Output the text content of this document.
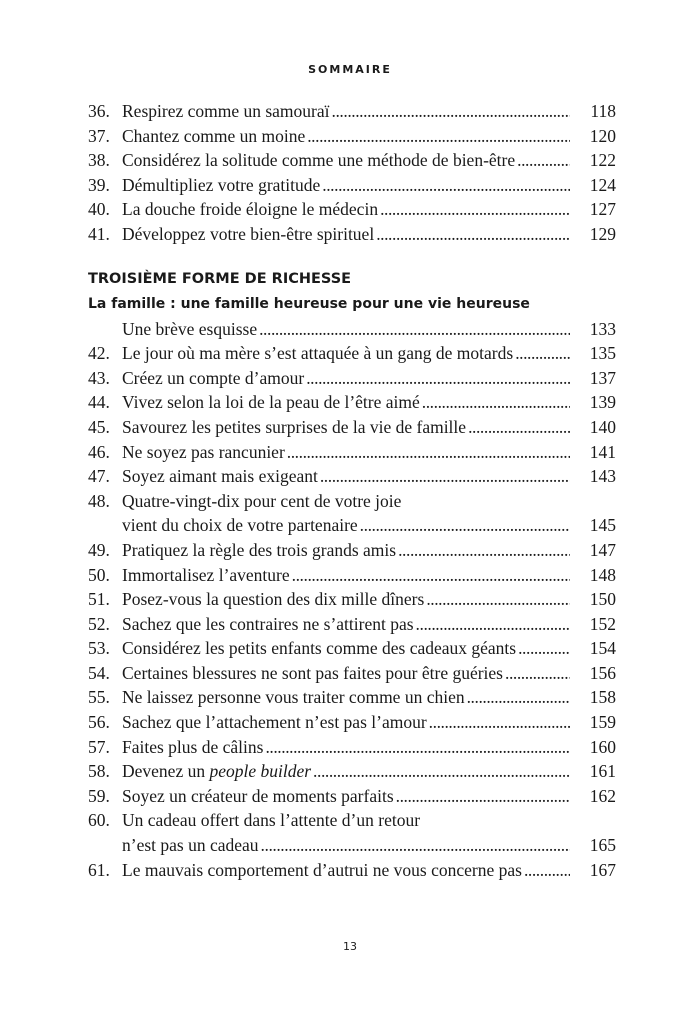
SOMMAIRE
36. Respirez comme un samouraï . . .	118
37. Chantez comme un moine . . .	120
38. Considérez la solitude comme une méthode de bien-être . . .	122
39. Démultipliez votre gratitude . . .	124
40. La douche froide éloigne le médecin . . .	127
41. Développez votre bien-être spirituel . . .	129
TROISIÈME FORME DE RICHESSE
La famille : une famille heureuse pour une vie heureuse
Une brève esquisse . . .	133
42. Le jour où ma mère s’est attaquée à un gang de motards . . .	135
43. Créez un compte d’amour . . .	137
44. Vivez selon la loi de la peau de l’être aimé . . .	139
45. Savourez les petites surprises de la vie de famille . . .	140
46. Ne soyez pas rancunier . . .	141
47. Soyez aimant mais exigeant . . .	143
48. Quatre-vingt-dix pour cent de votre joie
vient du choix de votre partenaire . . .	145
49. Pratiquez la règle des trois grands amis . . .	147
50. Immortalisez l’aventure . . .	148
51. Posez-vous la question des dix mille dîners . . .	150
52. Sachez que les contraires ne s’attirent pas . . .	152
53. Considérez les petits enfants comme des cadeaux géants . . .	154
54. Certaines blessures ne sont pas faites pour être guéries . . .	156
55. Ne laissez personne vous traiter comme un chien . . .	158
56. Sachez que l’attachement n’est pas l’amour . . .	159
57. Faites plus de câlins . . .	160
58. Devenez un people builder . . .	161
59. Soyez un créateur de moments parfaits . . .	162
60. Un cadeau offert dans l’attente d’un retour
n’est pas un cadeau . . .	165
61. Le mauvais comportement d’autrui ne vous concerne pas . . .	167
13
